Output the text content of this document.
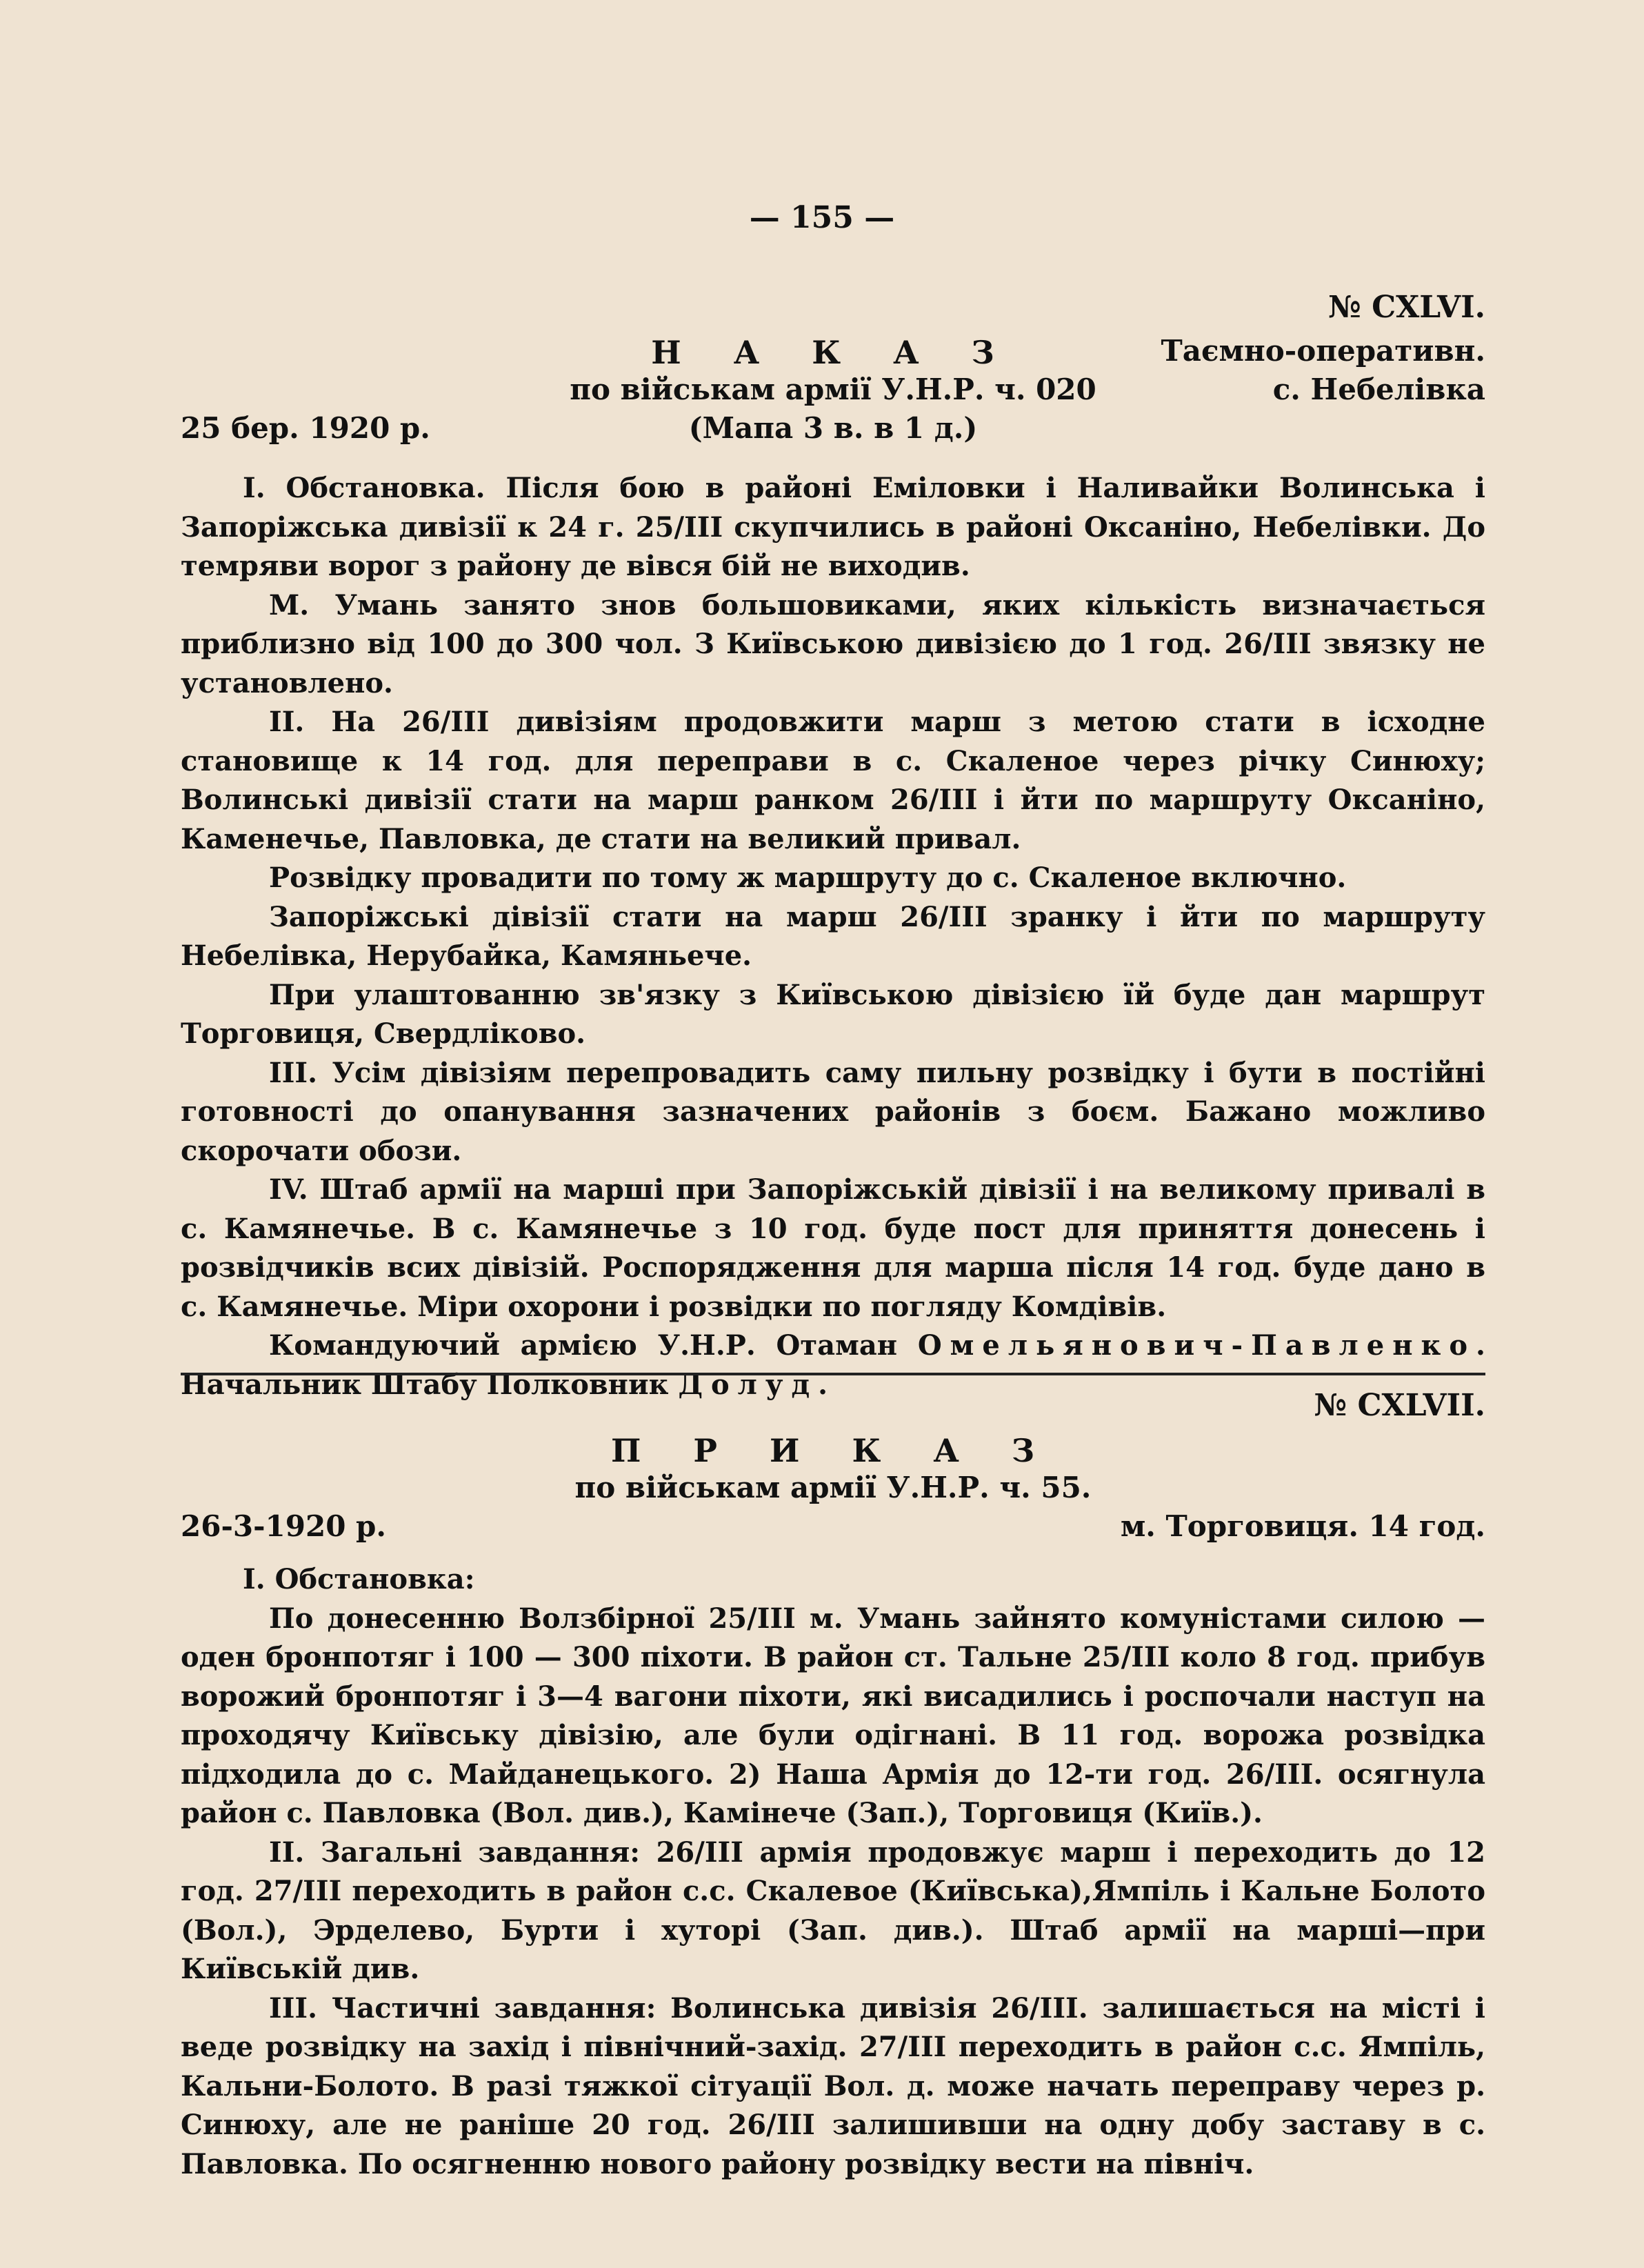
— 155 —
№ CXLVI.
Н А К А З	Таємно-оперативн.
по військам армії У.Н.Р. ч. 020	с. Небелівка
25 бер. 1920 р.	(Мапа 3 в. в 1 д.)

I. Обстановка. Після бою в районі Еміловки і Наливайки Волинська і Запоріжська дивізії к 24 г. 25/III скупчились в районі Оксаніно, Небелівки. До темряви ворог з району де вівся бій не виходив.

М. Умань занято знов большовиками, яких кількість визначається приблизно від 100 до 300 чол. З Київською дивізією до 1 год. 26/III звязку не установлено.

II. На 26/III дивізіям продовжити марш з метою стати в ісходне становище к 14 год. для переправи в с. Скаленое через річку Синюху; Волинські дивізії стати на марш ранком 26/III і йти по маршруту Оксаніно, Каменечье, Павловка, де стати на великий привал.

Розвідку провадити по тому ж маршруту до с. Скаленое включно.

Запоріжські дівізії стати на марш 26/III зранку і йти по маршруту Небелівка, Нерубайка, Камяньече.

При улаштованню зв'язку з Київською дівізією їй буде дан маршрут Торговиця, Свердліково.

III. Усім дівізіям перепровадить саму пильну розвідку і бути в постійні готовності до опанування зазначених районів з боєм. Бажано можливо скорочати обози.

IV. Штаб армії на марші при Запоріжській дівізії і на великому привалі в с. Камянечье. В с. Камянечье з 10 год. буде пост для приняття донесень і розвідчиків всих дівізій. Роспорядження для марша після 14 год. буде дано в с. Камянечье. Міри охорони і розвідки по погляду Комдівів.

Командуючий армією У.Н.Р. Отаман Омельянович-Павленко. Начальник Штабу Полковник Долуд.

№ CXLVII.
П Р И К А З
по військам армії У.Н.Р. ч. 55.
26-3-1920 р.	м. Торговиця. 14 год.

I. Обстановка:

По донесенню Волзбірної 25/III м. Умань зайнято комуністами силою — оден бронпотяг і 100 — 300 піхоти. В район ст. Тальне 25/III коло 8 год. прибув ворожий бронпотяг і 3—4 вагони піхоти, які висадились і роспочали наступ на проходячу Київську дівізію, але були одігнані. В 11 год. ворожа розвідка підходила до с. Майданецького. 2) Наша Армія до 12-ти год. 26/III. осягнула район с. Павловка (Вол. див.), Камінече (Зап.), Торговиця (Київ.).

II. Загальні завдання: 26/III армія продовжує марш і переходить до 12 год. 27/III переходить в район с.с. Скалевое (Київська),Ямпіль і Кальне Болото (Вол.), Эрделево, Бурти і хуторі (Зап. див.). Штаб армії на марші—при Київській див.

III. Частичні завдання: Волинська дивізія 26/III. залишається на місті і веде розвідку на захід і північний-захід. 27/III переходить в район с.с. Ямпіль, Кальни-Болото. В разі тяжкої сітуації Вол. д. може начать переправу через р. Синюху, але не раніше 20 год. 26/III залишивши на одну добу заставу в с. Павловка. По осягненню нового району розвідку вести на північ.
